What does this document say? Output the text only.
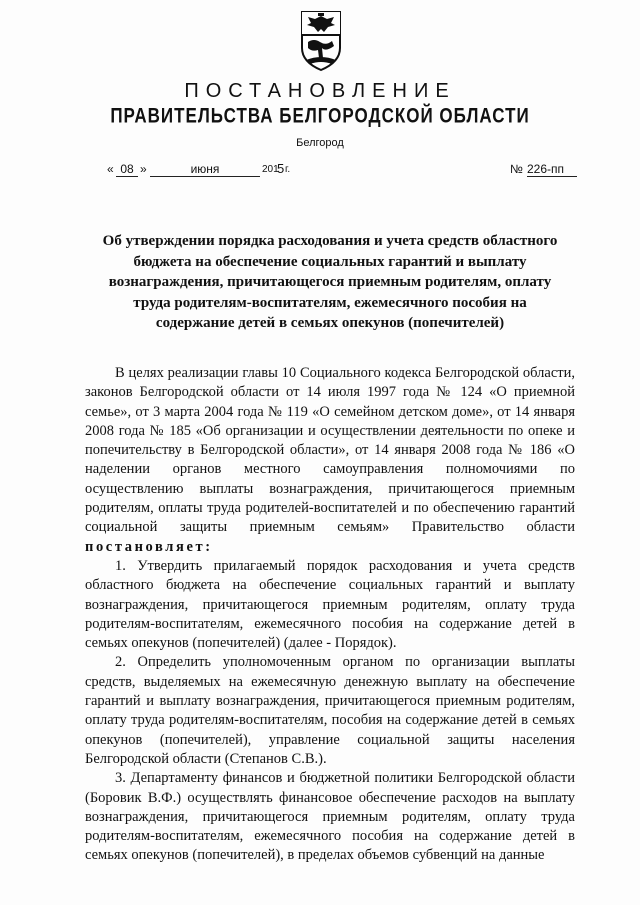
ПОСТАНОВЛЕНИЕ
ПРАВИТЕЛЬСТВА БЕЛГОРОДСКОЙ ОБЛАСТИ
Белгород
« 08 »	июня	201
5 г.	№ 226-пп
Об утверждении порядка расходования и учета средств областного бюджета на обеспечение социальных гарантий и выплату вознаграждения, причитающегося приемным родителям, оплату труда родителям-воспитателям, ежемесячного пособия на содержание детей в семьях опекунов (попечителей)

В целях реализации главы 10 Социального кодекса Белгородской области, законов Белгородской области от 14 июля 1997 года № 124 «О приемной семье», от 3 марта 2004 года № 119 «О семейном детском доме», от 14 января 2008 года № 185 «Об организации и осуществлении деятельности по опеке и попечительству в Белгородской области», от 14 января 2008 года № 186 «О наделении органов местного самоуправления полномочиями по осуществлению выплаты вознаграждения, причитающегося приемным родителям, оплаты труда родителей-воспитателей и по обеспечению гарантий социальной защиты приемным семьям» Правительство области постановляет:

1. Утвердить прилагаемый порядок расходования и учета средств областного бюджета на обеспечение социальных гарантий и выплату вознаграждения, причитающегося приемным родителям, оплату труда родителям-воспитателям, ежемесячного пособия на содержание детей в семьях опекунов (попечителей) (далее - Порядок).

2. Определить уполномоченным органом по организации выплаты средств, выделяемых на ежемесячную денежную выплату на обеспечение гарантий и выплату вознаграждения, причитающегося приемным родителям, оплату труда родителям-воспитателям, пособия на содержание детей в семьях опекунов (попечителей), управление социальной защиты населения Белгородской области (Степанов С.В.).

3. Департаменту финансов и бюджетной политики Белгородской области (Боровик В.Ф.) осуществлять финансовое обеспечение расходов на выплату вознаграждения, причитающегося приемным родителям, оплату труда родителям-воспитателям, ежемесячного пособия на содержание детей в семьях опекунов (попечителей), в пределах объемов субвенций на данные
